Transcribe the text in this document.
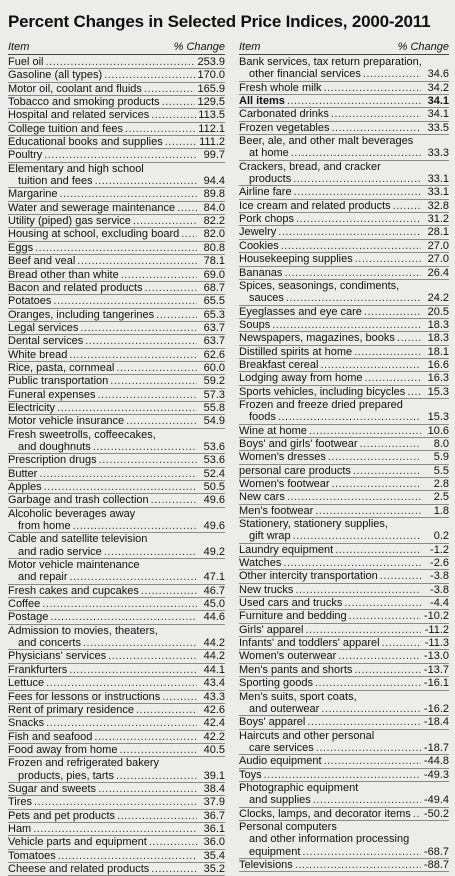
Percent Changes in Selected Price Indices, 2000-2011
Item	% Change
Fuel oil .....	253.9
Gasoline (all types) .....	170.0
Motor oil, coolant and fluids .....	165.9
Tobacco and smoking products .....	129.5
Hospital and related services .....	113.5
College tuition and fees .....	112.1
Educational books and supplies .....	111.2
Poultry .....	99.7
Elementary and high school
tuition and fees .....	94.4
Margarine .....	89.8
Water and sewerage maintenance .....	84.0
Utility (piped) gas service .....	82.2
Housing at school, excluding board .....	82.0
Eggs .....	80.8
Beef and veal .....	78.1
Bread other than white .....	69.0
Bacon and related products .....	68.7
Potatoes .....	65.5
Oranges, including tangerines .....	65.3
Legal services .....	63.7
Dental services .....	63.7
White bread .....	62.6
Rice, pasta, cornmeal .....	60.0
Public transportation .....	59.2
Funeral expenses .....	57.3
Electricity .....	55.8
Motor vehicle insurance .....	54.9
Fresh sweetrolls, coffeecakes,
and doughnuts .....	53.6
Prescription drugs .....	53.6
Butter .....	52.4
Apples .....	50.5
Garbage and trash collection .....	49.6
Alcoholic beverages away
from home .....	49.6
Cable and satellite television
and radio service .....	49.2
Motor vehicle maintenance
and repair .....	47.1
Fresh cakes and cupcakes .....	46.7
Coffee .....	45.0
Postage .....	44.6
Admission to movies, theaters,
and concerts .....	44.2
Physicians' services .....	44.2
Frankfurters .....	44.1
Lettuce .....	43.4
Fees for lessons or instructions .....	43.3
Rent of primary residence .....	42.6
Snacks .....	42.4
Fish and seafood .....	42.2
Food away from home .....	40.5
Frozen and refrigerated bakery
products, pies, tarts .....	39.1
Sugar and sweets .....	38.4
Tires .....	37.9
Pets and pet products .....	36.7
Ham .....	36.1
Vehicle parts and equipment .....	36.0
Tomatoes .....	35.4
Cheese and related products .....	35.2
Item	% Change
Bank services, tax return preparation,
other financial services .....	34.6
Fresh whole milk .....	34.2
All items .....	34.1
Carbonated drinks .....	34.1
Frozen vegetables .....	33.5
Beer, ale, and other malt beverages
at home .....	33.3
Crackers, bread, and cracker
products .....	33.1
Airline fare .....	33.1
Ice cream and related products .....	32.8
Pork chops .....	31.2
Jewelry .....	28.1
Cookies .....	27.0
Housekeeping supplies .....	27.0
Bananas .....	26.4
Spices, seasonings, condiments,
sauces .....	24.2
Eyeglasses and eye care .....	20.5
Soups .....	18.3
Newspapers, magazines, books .....	18.3
Distilled spirits at home .....	18.1
Breakfast cereal .....	16.6
Lodging away from home .....	16.3
Sports vehicles, including bicycles .....	15.3
Frozen and freeze dried prepared
foods .....	15.3
Wine at home .....	10.6
Boys' and girls' footwear .....	8.0
Women's dresses .....	5.9
personal care products .....	5.5
Women's footwear .....	2.8
New cars .....	2.5
Men's footwear .....	1.8
Stationery, stationery supplies,
gift wrap .....	0.2
Laundry equipment .....	-1.2
Watches .....	-2.6
Other intercity transportation .....	-3.8
New trucks .....	-3.8
Used cars and trucks .....	-4.4
Furniture and bedding .....	-10.2
Girls' apparel .....	-11.2
Infants' and toddlers' apparel .....	-11.3
Women's outerwear .....	-13.0
Men's pants and shorts .....	-13.7
Sporting goods .....	-16.1
Men's suits, sport coats,
and outerwear .....	-16.2
Boys' apparel .....	-18.4
Haircuts and other personal
care services .....	-18.7
Audio equipment .....	-44.8
Toys .....	-49.3
Photographic equipment
and supplies .....	-49.4
Clocks, lamps, and decorator items ..... -50.2
Personal computers
and other information processing
equipment .....	-68.7
Televisions .....	-88.7
